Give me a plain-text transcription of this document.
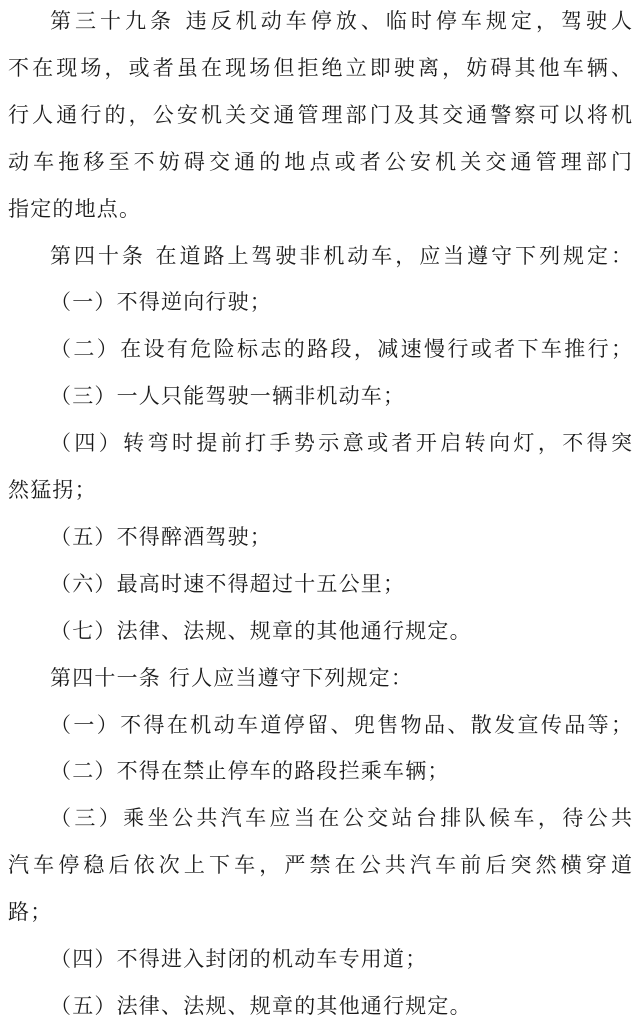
第三十九条 违反机动车停放、临时停车规定，驾驶人
不在现场，或者虽在现场但拒绝立即驶离，妨碍其他车辆、
行人通行的，公安机关交通管理部门及其交通警察可以将机
动车拖移至不妨碍交通的地点或者公安机关交通管理部门
指定的地点。
第四十条 在道路上驾驶非机动车，应当遵守下列规定：
（一）不得逆向行驶；
（二）在设有危险标志的路段，减速慢行或者下车推行；
（三）一人只能驾驶一辆非机动车；
（四）转弯时提前打手势示意或者开启转向灯，不得突
然猛拐；
（五）不得醉酒驾驶；
（六）最高时速不得超过十五公里；
（七）法律、法规、规章的其他通行规定。
第四十一条 行人应当遵守下列规定：
（一）不得在机动车道停留、兜售物品、散发宣传品等；
（二）不得在禁止停车的路段拦乘车辆；
（三）乘坐公共汽车应当在公交站台排队候车，待公共
汽车停稳后依次上下车，严禁在公共汽车前后突然横穿道
路；
（四）不得进入封闭的机动车专用道；
（五）法律、法规、规章的其他通行规定。
